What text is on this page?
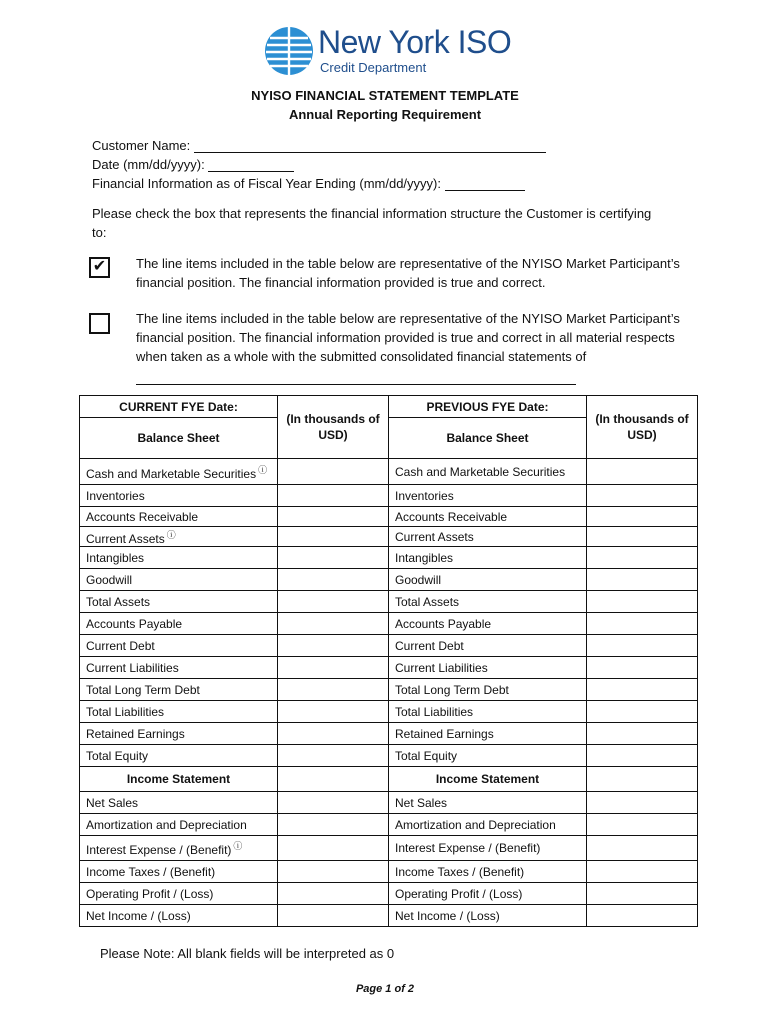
New York ISO
Credit Department
NYISO FINANCIAL STATEMENT TEMPLATE
Annual Reporting Requirement
Customer Name:
Date (mm/dd/yyyy):
Financial Information as of Fiscal Year Ending (mm/dd/yyyy):
Please check the box that represents the financial information structure the Customer is certifying to:
✔ The line items included in the table below are representative of the NYISO Market Participant’s financial position. The financial information provided is true and correct.
The line items included in the table below are representative of the NYISO Market Participant’s financial position. The financial information provided is true and correct in all material respects when taken as a whole with the submitted consolidated financial statements of
CURRENT FYE Date:	(In thousands of USD)	PREVIOUS FYE Date:	(In thousands of USD)
Balance Sheet		Balance Sheet	
Cash and Marketable Securities ⓘ		Cash and Marketable Securities	
Inventories		Inventories	
Accounts Receivable		Accounts Receivable	
Current Assets ⓘ		Current Assets	
Intangibles		Intangibles	
Goodwill		Goodwill	
Total Assets		Total Assets	
Accounts Payable		Accounts Payable	
Current Debt		Current Debt	
Current Liabilities		Current Liabilities	
Total Long Term Debt		Total Long Term Debt	
Total Liabilities		Total Liabilities	
Retained Earnings		Retained Earnings	
Total Equity		Total Equity	
Income Statement		Income Statement	
Net Sales		Net Sales	
Amortization and Depreciation		Amortization and Depreciation	
Interest Expense / (Benefit) ⓘ		Interest Expense / (Benefit)	
Income Taxes / (Benefit)		Income Taxes / (Benefit)	
Operating Profit / (Loss)		Operating Profit / (Loss)	
Net Income / (Loss)		Net Income / (Loss)	
Please Note: All blank fields will be interpreted as 0
Page 1 of 2
